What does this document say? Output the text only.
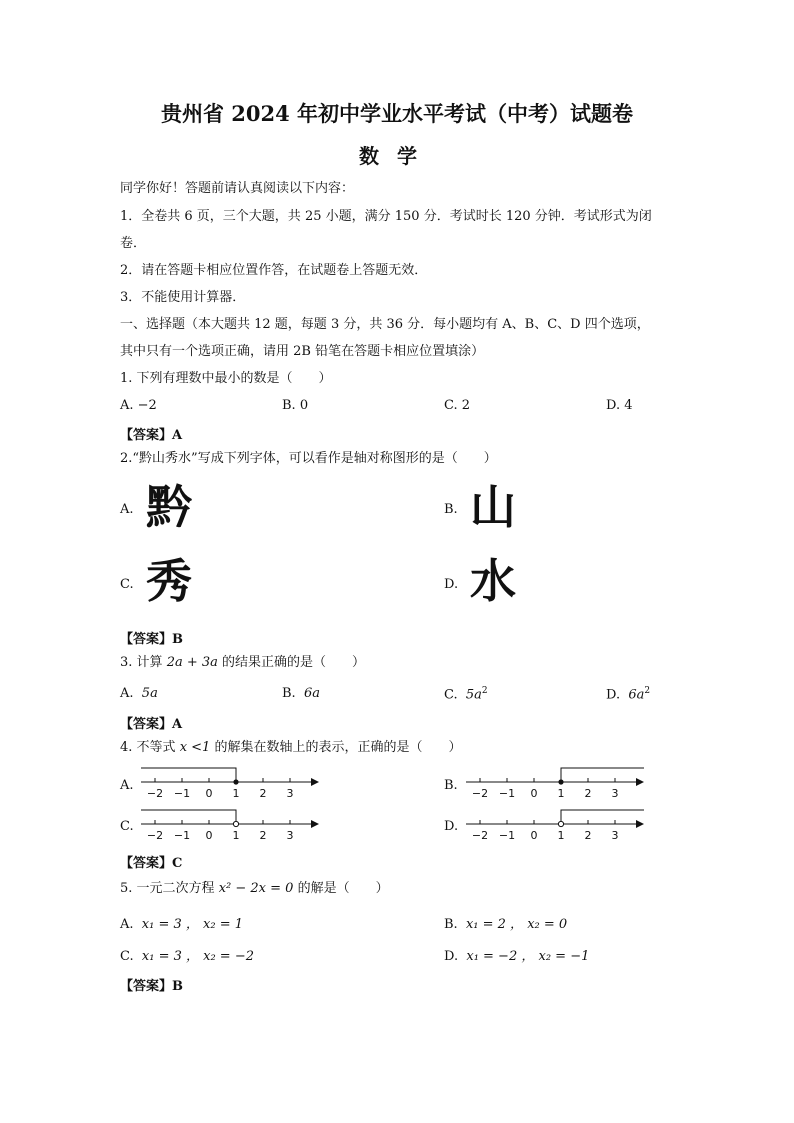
贵州省 2024 年初中学业水平考试（中考）试题卷
数学
同学你好！答题前请认真阅读以下内容：
1．全卷共 6 页，三个大题，共 25 小题，满分 150 分．考试时长 120 分钟．考试形式为闭
卷．
2．请在答题卡相应位置作答，在试题卷上答题无效．
3．不能使用计算器．
一、选择题（本大题共 12 题，每题 3 分，共 36 分．每小题均有 A、B、C、D 四个选项，
其中只有一个选项正确，请用 2B 铅笔在答题卡相应位置填涂）
1. 下列有理数中最小的数是（　　）
A. −2	B. 0	C. 2	D. 4
【答案】A
2.“黔山秀水”写成下列字体，可以看作是轴对称图形的是（　　）
A. 黔	B. 山
C. 秀	D. 水
【答案】B
3. 计算 2a + 3a 的结果正确的是（　　）
A. 5a	B. 6a	C. $5a^2$	D. $6a^2$
【答案】A
4. 不等式 x <1 的解集在数轴上的表示，正确的是（　　）
A.
−2 −1 0 1 2 3
B.
−2 −1 0 1 2 3
C.
−2 −1 0 1 2 3
D.
−2 −1 0 1 2 3
【答案】C
5. 一元二次方程 x² − 2x = 0 的解是（　　）
A. x₁ = 3 ， x₂ = 1	B. x₁ = 2 ， x₂ = 0
C. x₁ = 3 ， x₂ = −2	D. x₁ = −2 ， x₂ = −1
【答案】B
